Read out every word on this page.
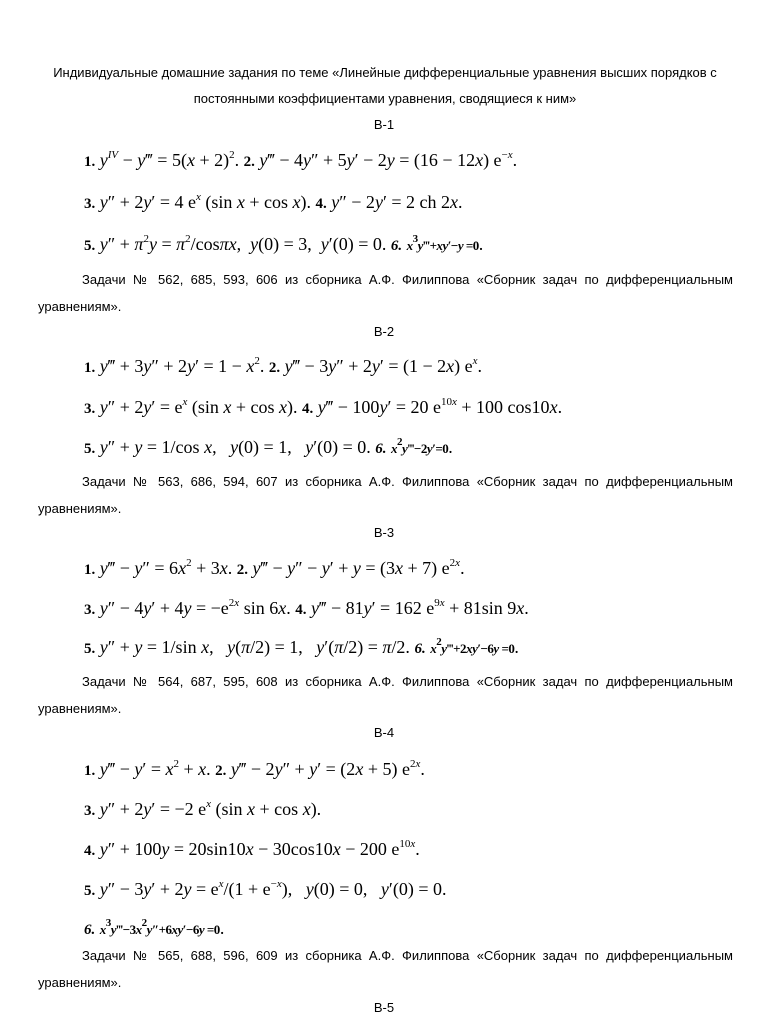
Индивидуальные домашние задания по теме «Линейные дифференциальные уравнения высших порядков с постоянными коэффициентами уравнения, сводящиеся к ним»
В-1
1. $y^{IV}$ − y‴ = $5(x + 2)^2$. 2. y‴ − 4y″ + 5y′ − 2y = (16 − 12x) $e^{-x}$.
3. y″ + 2y′ = 4 $e^x$ (sin x + cos x). 4. y″ − 2y′ = 2 ch 2x.
5. $y'' + \pi^2y = \pi^2/\cos\pi x$,  y(0) = 3,  y′(0) = 0. 6. $x^3y‴+xy'-y =0$.
Задачи № 562, 685, 593, 606 из сборника А.Ф. Филиппова «Сборник задач по дифференциальным уравнениям».
В-2
1. y‴ + $3y'' + 2y' = 1 - x^2$. 2. y‴ − 3y″ + 2y′ = (1 − 2x) $e^x$.
3. $y'' + 2y' = e^x$ (sin x + cos x). 4. y‴ − 100y′ = 20 $e^{10x} + 100$ cos10x.
5. y″ + y = 1/cos x,   y(0) = 1,   y′(0) = 0. 6. $x^2y‴-2y'=0$.
Задачи № 563, 686, 594, 607 из сборника А.Ф. Филиппова «Сборник задач по дифференциальным уравнениям».
В-3
1. y‴ − $y'' = 6x^2 + 3x$. 2. y‴ − y″ − y′ + y = (3x + 7) $e^{2x}$.
3. $y'' - 4y' + 4y = -e^{2x}$ sin 6x. 4. y‴ − 81y′ = 162 $e^{9x} + 81\sin$ 9x.
5. y″ + y = 1/sin x,   y(π/2) = 1,   y′(π/2) = π/2. 6. $x^2y‴+2xy'-6y =0$.
Задачи № 564, 687, 595, 608 из сборника А.Ф. Филиппова «Сборник задач по дифференциальным уравнениям».
В-4
1. y‴ − $y' = x^2 + x$. 2. y‴ − 2y″ + y′ = (2x + 5) $e^{2x}$.
3. y″ + 2y′ = −2 $e^x$ (sin x + cos x).
4. y″ + 100y = 20sin10x − 30cos10x − 200 $e^{10x}$.
5. $y'' - 3y' + 2y = e^x/(1 + e^{-x})$,   y(0) = 0,   y′(0) = 0.
6. $x^3y‴-3x^2y''+6xy'-6y =0$.
Задачи № 565, 688, 596, 609 из сборника А.Ф. Филиппова «Сборник задач по дифференциальным уравнениям».
В-5
